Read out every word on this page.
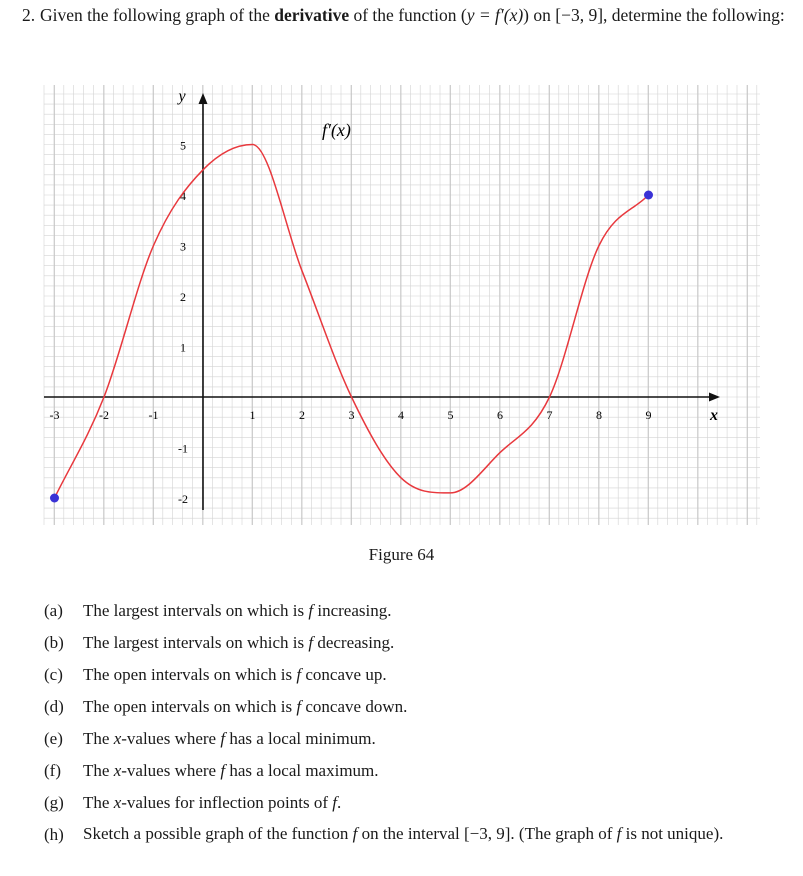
2. Given the following graph of the derivative of the function (y = f′(x)) on [−3, 9], determine the following:
-3	-2	-1	1	2	3	4	5	6	7	8	9
5
4
3
2
1
-1
-2
x
y
f′(x)
Figure 64
(a)	The largest intervals on which is f increasing.
(b)	The largest intervals on which is f decreasing.
(c)	The open intervals on which is f concave up.
(d)	The open intervals on which is f concave down.
(e)	The x-values where f has a local minimum.
(f)	The x-values where f has a local maximum.
(g)	The x-values for inflection points of f.
(h)	Sketch a possible graph of the function f on the interval [−3, 9]. (The graph of f is not unique).
